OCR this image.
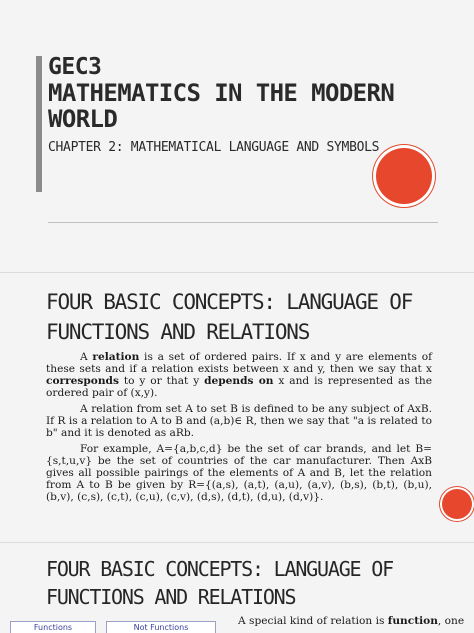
GEC3
MATHEMATICS IN THE MODERN WORLD
CHAPTER 2: MATHEMATICAL LANGUAGE AND SYMBOLS
FOUR BASIC CONCEPTS: LANGUAGE OF FUNCTIONS AND RELATIONS

A relation is a set of ordered pairs. If x and y are elements of these sets and if a relation exists between x and y, then we say that x corresponds to y or that y depends on x and is represented as the ordered pair of (x,y).

A relation from set A to set B is defined to be any subject of AxB. If R is a relation to A to B and (a,b)∈ R, then we say that "a is related to b" and it is denoted as aRb.

For example, A={a,b,c,d} be the set of car brands, and let B={s,t,u,v} be the set of countries of the car manufacturer. Then AxB gives all possible pairings of the elements of A and B, let the relation from A to B be given by R={(a,s), (a,t), (a,u), (a,v), (b,s), (b,t), (b,u), (b,v), (c,s), (c,t), (c,u), (c,v), (d,s), (d,t), (d,u), (d,v)}.

FOUR BASIC CONCEPTS: LANGUAGE OF FUNCTIONS AND RELATIONS
Functions	Not Functions
A special kind of relation is function, one
